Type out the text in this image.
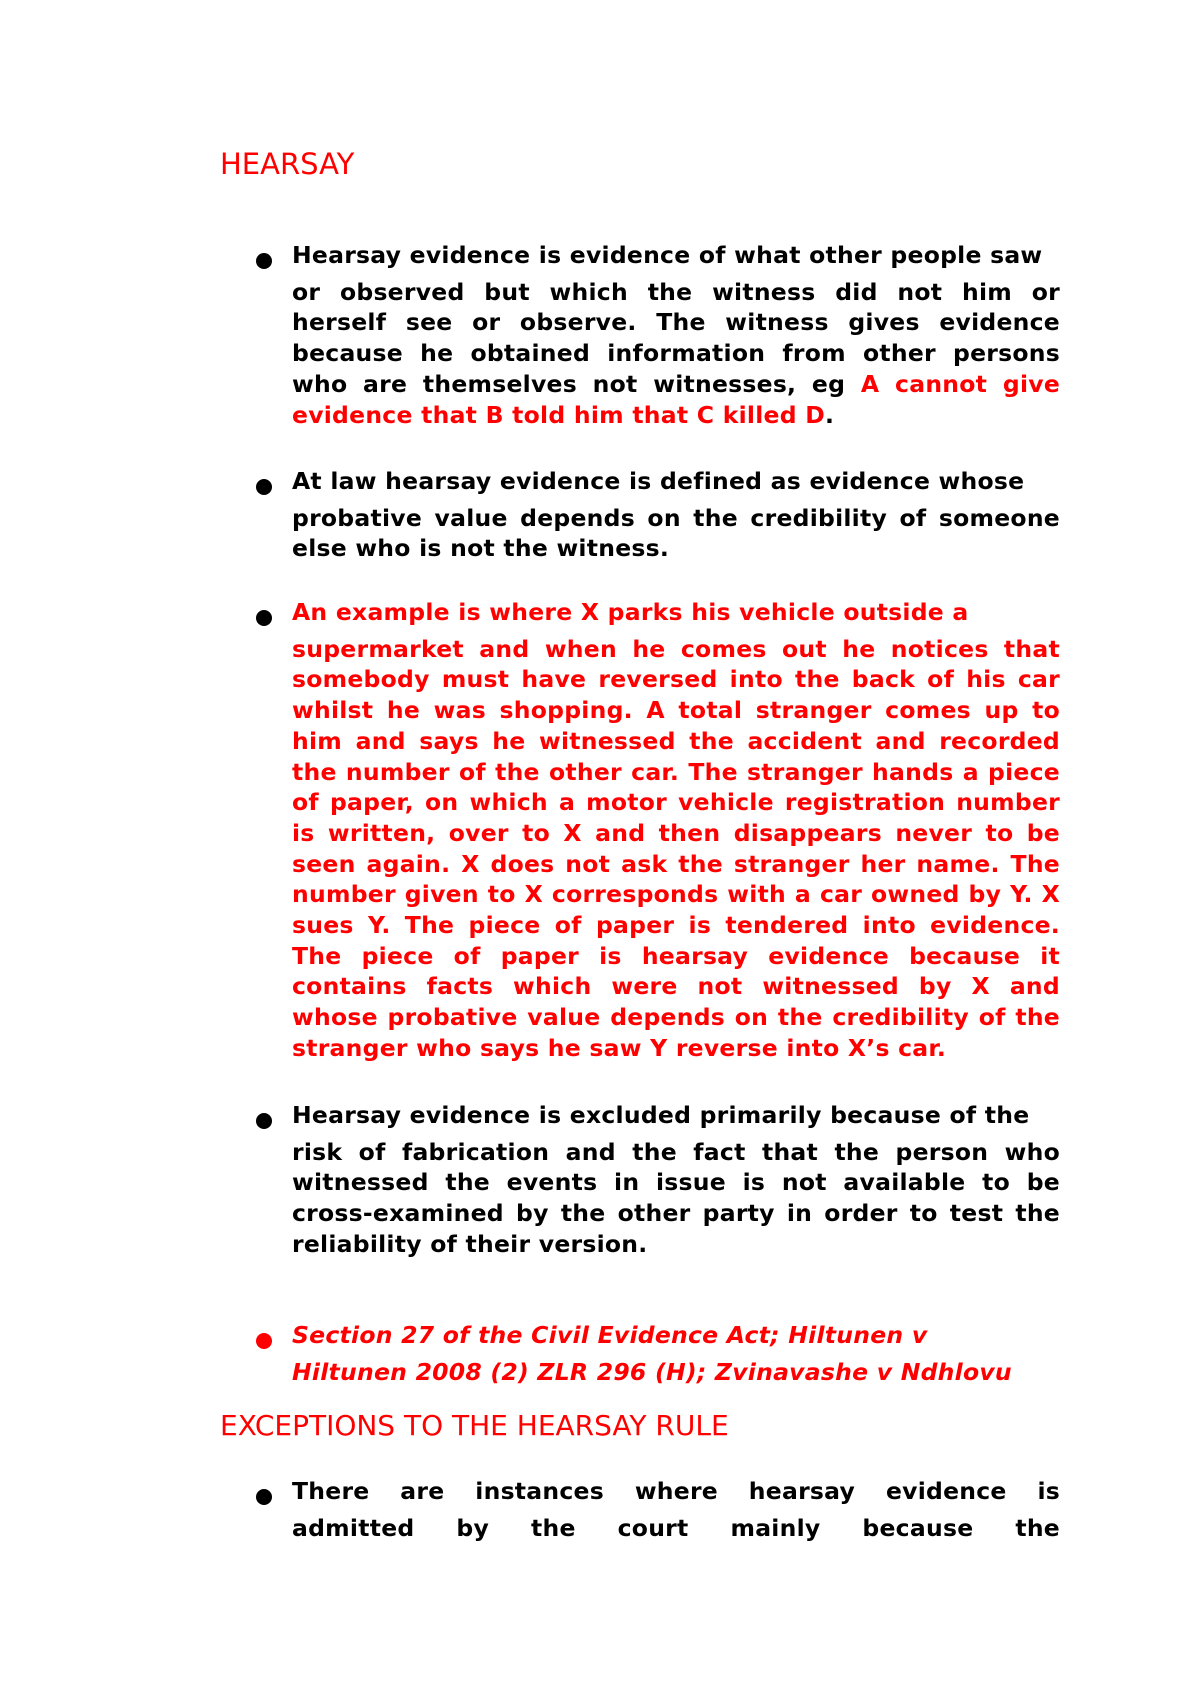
HEARSAY

Hearsay evidence is evidence of what other people saw
or observed but which the witness did not him or herself see or observe. The witness gives evidence because he obtained information from other persons who are themselves not witnesses, eg A cannot give evidence that B told him that C killed D.

At law hearsay evidence is defined as evidence whose
probative value depends on the credibility of someone else who is not the witness.

An example is where X parks his vehicle outside a
supermarket and when he comes out he notices that somebody must have reversed into the back of his car whilst he was shopping. A total stranger comes up to him and says he witnessed the accident and recorded the number of the other car. The stranger hands a piece of paper, on which a motor vehicle registration number is written, over to X and then disappears never to be seen again. X does not ask the stranger her name. The number given to X corresponds with a car owned by Y. X sues Y. The piece of paper is tendered into evidence. The piece of paper is hearsay evidence because it contains facts which were not witnessed by X and whose probative value depends on the credibility of the stranger who says he saw Y reverse into X’s car.

Hearsay evidence is excluded primarily because of the
risk of fabrication and the fact that the person who witnessed the events in issue is not available to be cross-examined by the other party in order to test the reliability of their version.

Section 27 of the Civil Evidence Act; Hiltunen v
Hiltunen 2008 (2) ZLR 296 (H); Zvinavashe v Ndhlovu

EXCEPTIONS TO THE HEARSAY RULE

There are instances where hearsay evidence is
admitted by the court mainly because the
